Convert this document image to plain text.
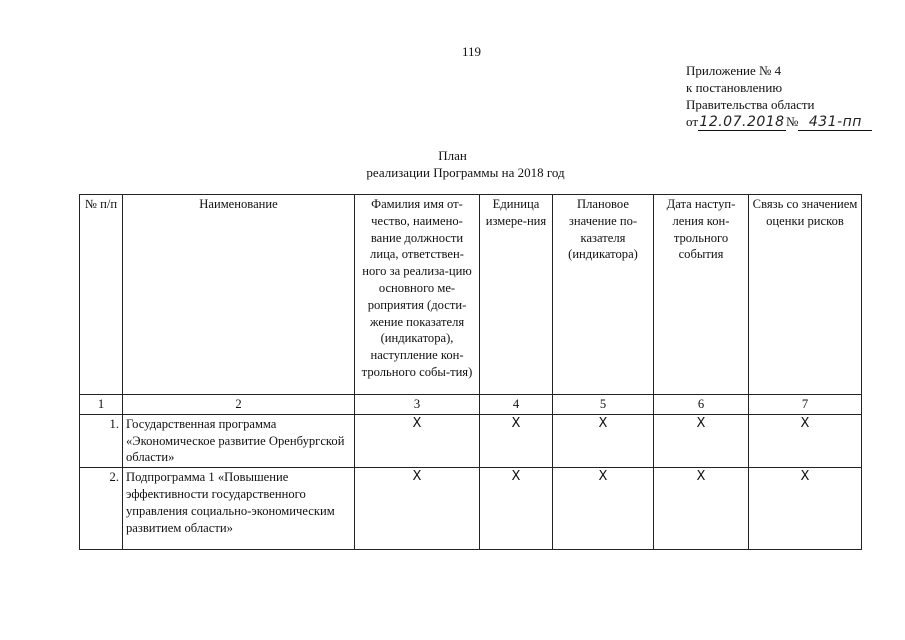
119
Приложение № 4
к постановлению
Правительства области
от12.07.2018№ 431-пп
План
реализации Программы на 2018 год
№ п/п	Наименование	Фамилия имя от-чество, наимено-вание должности лица, ответствен-ного за реализа-цию основного ме-роприятия (дости-жение показателя (индикатора), наступление кон-трольного собы-тия)	Единица измере-ния	Плановое значение по-казателя (индикатора)	Дата наступ-ления кон-трольного события	Связь со значением оценки рисков
1	2	3	4	5	6	7
1.	Государственная программа «Экономическое развитие Оренбургской области»	Х	Х	Х	Х	Х
2.	Подпрограмма 1 «Повышение эффективности государственного управления социально-экономическим развитием области»	Х	Х	Х	Х	Х
